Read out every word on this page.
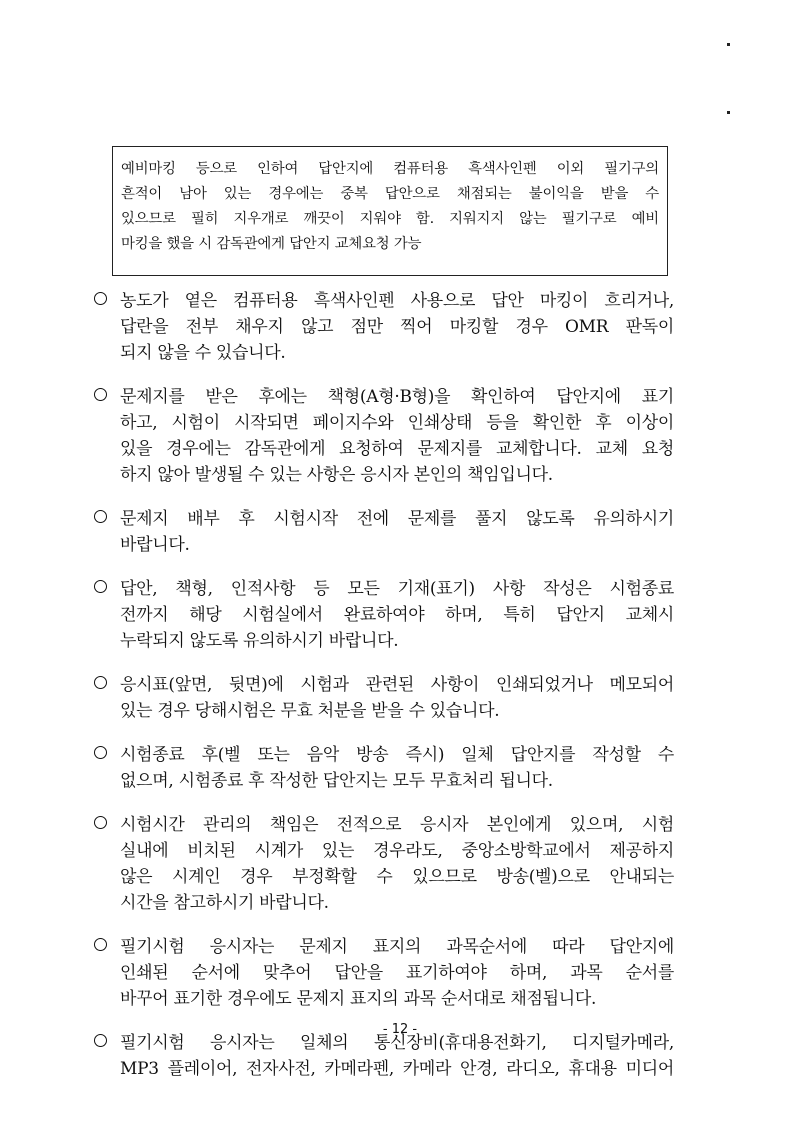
예비마킹 등으로 인하여 답안지에 컴퓨터용 흑색사인펜 이외 필기구의
흔적이 남아 있는 경우에는 중복 답안으로 채점되는 불이익을 받을 수
있으므로 필히 지우개로 깨끗이 지워야 함. 지워지지 않는 필기구로 예비
마킹을 했을 시 감독관에게 답안지 교체요청 가능
농도가 옅은 컴퓨터용 흑색사인펜 사용으로 답안 마킹이 흐리거나,
답란을 전부 채우지 않고 점만 찍어 마킹할 경우 OMR 판독이
되지 않을 수 있습니다.
문제지를 받은 후에는 책형(A형·B형)을 확인하여 답안지에 표기
하고, 시험이 시작되면 페이지수와 인쇄상태 등을 확인한 후 이상이
있을 경우에는 감독관에게 요청하여 문제지를 교체합니다. 교체 요청
하지 않아 발생될 수 있는 사항은 응시자 본인의 책임입니다.
문제지 배부 후 시험시작 전에 문제를 풀지 않도록 유의하시기
바랍니다.
답안, 책형, 인적사항 등 모든 기재(표기) 사항 작성은 시험종료
전까지 해당 시험실에서 완료하여야 하며, 특히 답안지 교체시
누락되지 않도록 유의하시기 바랍니다.
응시표(앞면, 뒷면)에 시험과 관련된 사항이 인쇄되었거나 메모되어
있는 경우 당해시험은 무효 처분을 받을 수 있습니다.
시험종료 후(벨 또는 음악 방송 즉시) 일체 답안지를 작성할 수
없으며, 시험종료 후 작성한 답안지는 모두 무효처리 됩니다.
시험시간 관리의 책임은 전적으로 응시자 본인에게 있으며, 시험
실내에 비치된 시계가 있는 경우라도, 중앙소방학교에서 제공하지
않은 시계인 경우 부정확할 수 있으므로 방송(벨)으로 안내되는
시간을 참고하시기 바랍니다.
필기시험 응시자는 문제지 표지의 과목순서에 따라 답안지에
인쇄된 순서에 맞추어 답안을 표기하여야 하며, 과목 순서를
바꾸어 표기한 경우에도 문제지 표지의 과목 순서대로 채점됩니다.
필기시험 응시자는 일체의 통신장비(휴대용전화기, 디지털카메라,
MP3 플레이어, 전자사전, 카메라펜, 카메라 안경, 라디오, 휴대용 미디어
- 12 -
